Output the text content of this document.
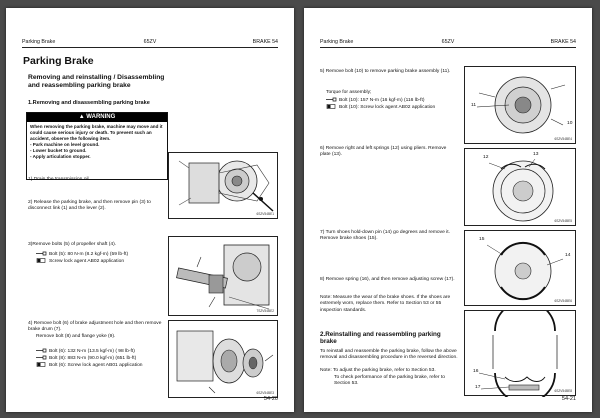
Parking Brake	65ZV	BRAKE 54
Parking Brake
Removing and reinstalling / Disassembling and reassembling parking brake
1.Removing and disassembling parking brake
▲ WARNING
When removing the parking brake, machine may move and it could cause serious injury or death. To prevent such an accident, observe the following item.
- Park machine on level ground.
- Lower bucket to ground.
- Apply articulation stopper.
1) Drain the transmission oil.
2) Release the parking brake, and then remove pin (3) to disconnect link (1) and the lever (2).
3)Remove bolts (5) of propeller shaft (4).
Bolt (5): 80 N-m (8.2 kgf-m) (59 lb-ft)
Screw lock agent AB02 application
4) Remove bolt (6) of brake adjustment hole and then remove brake drum (7).
Remove bolt (8) and flange yoke (9).
Bolt (6): 132 N-m (13.5 kgf-m) ( 98 lb-ft)
Bolt (8): 883 N-m (90.0 kgf-m) (651 lb-ft)
Bolt (6): Screw lock agent AB01 application
6SZV54BE1
7SZV54BE2
6SZV54BE3
54-20
Parking Brake	65ZV	BRAKE 54
5) Remove bolt (10) to remove parking brake assembly (11).
Torque for assembly;
Bolt (10): 157 N-m (16 kgf-m) (116 lb-ft)
Bolt (10): Screw lock agent AB02 application
6) Remove right and left springs (12) using pliers. Remove plate (13).
7) Turn shoes hold-down pin (14) go degrees and remove it. Remove brake shoes (15).
8) Remove spring (16), and then remove adjusting screw (17).
Note: Measure the wear of the brake shoes. If the shoes are extremely worn, replace them. Refer to Section 53 or 55 inspection standards.
2.Reinstalling and reassembling parking brake
To reinstall and reassemble the parking brake, follow the above removal and disassembling procedure in the reversed direction.
Note: To adjust the parking brake, refer to Section 53.
To check performance of the parking brake, refer to Section 53.
11
10
6SZV54BE4
12
13
6SZV54BE5
15
14
6SZV54BE6
16
17
6SZV54BE8
54-21
